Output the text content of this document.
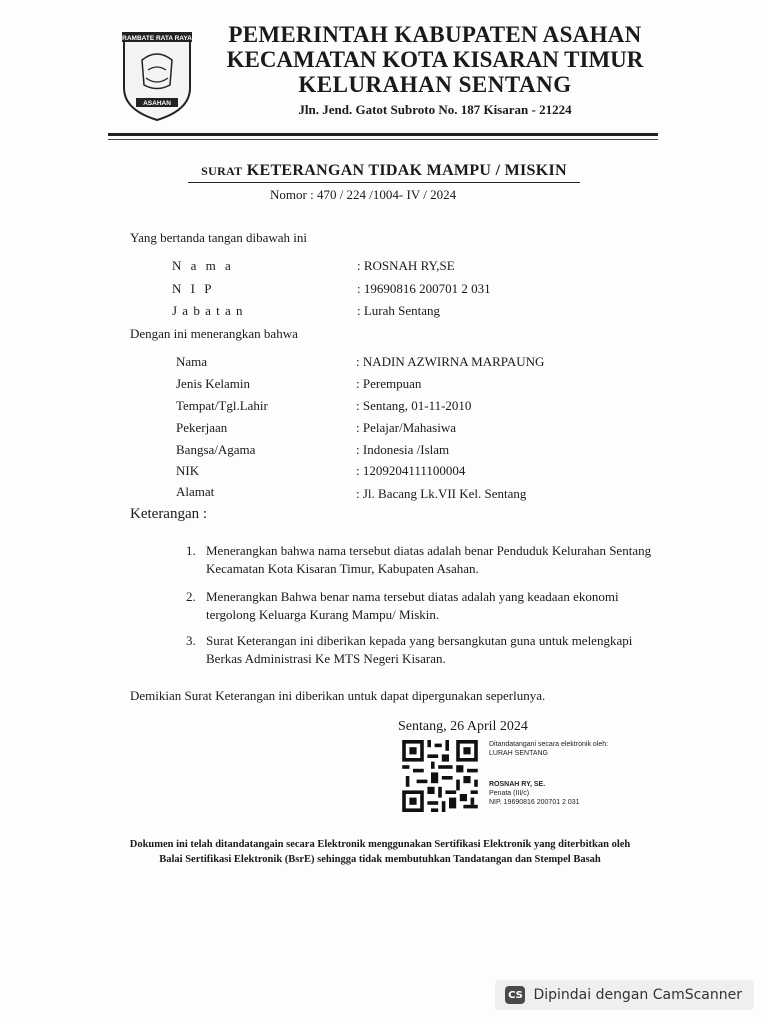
RAMBATE RATA RAYA
ASAHAN
PEMERINTAH KABUPATEN ASAHAN
KECAMATAN KOTA KISARAN TIMUR
KELURAHAN SENTANG
Jln. Jend. Gatot Subroto No. 187 Kisaran - 21224
SURAT KETERANGAN TIDAK MAMPU / MISKIN
Nomor : 470 / 224 /1004- IV / 2024
Yang bertanda tangan dibawah ini
N a m a	: ROSNAH RY,SE
N I P	: 19690816 200701 2 031
J a b a t a n	: Lurah Sentang
Dengan ini menerangkan bahwa
Nama	: NADIN AZWIRNA MARPAUNG
Jenis Kelamin	: Perempuan
Tempat/Tgl.Lahir	: Sentang, 01-11-2010
Pekerjaan	: Pelajar/Mahasiwa
Bangsa/Agama	: Indonesia /Islam
NIK	: 1209204111100004
Alamat	: Jl. Bacang Lk.VII Kel. Sentang
Keterangan :
1. Menerangkan bahwa nama tersebut diatas adalah benar Penduduk Kelurahan Sentang Kecamatan Kota Kisaran Timur, Kabupaten Asahan.
2. Menerangkan Bahwa benar nama tersebut diatas adalah yang keadaan ekonomi tergolong Keluarga Kurang Mampu/ Miskin.
3. Surat Keterangan ini diberikan kepada yang bersangkutan guna untuk melengkapi Berkas Administrasi Ke MTS Negeri Kisaran.
Demikian Surat Keterangan ini diberikan untuk dapat dipergunakan seperlunya.
Sentang, 26 April 2024
Ditandatangani secara elektronik oleh:
LURAH SENTANG
ROSNAH RY, SE.
Penata (III/c)
NIP. 19690816 200701 2 031
Dokumen ini telah ditandatangain secara Elektronik menggunakan Sertifikasi Elektronik yang diterbitkan oleh
Balai Sertifikasi Elektronik (BsrE) sehingga tidak membutuhkan Tandatangan dan Stempel Basah
CS Dipindai dengan CamScanner
